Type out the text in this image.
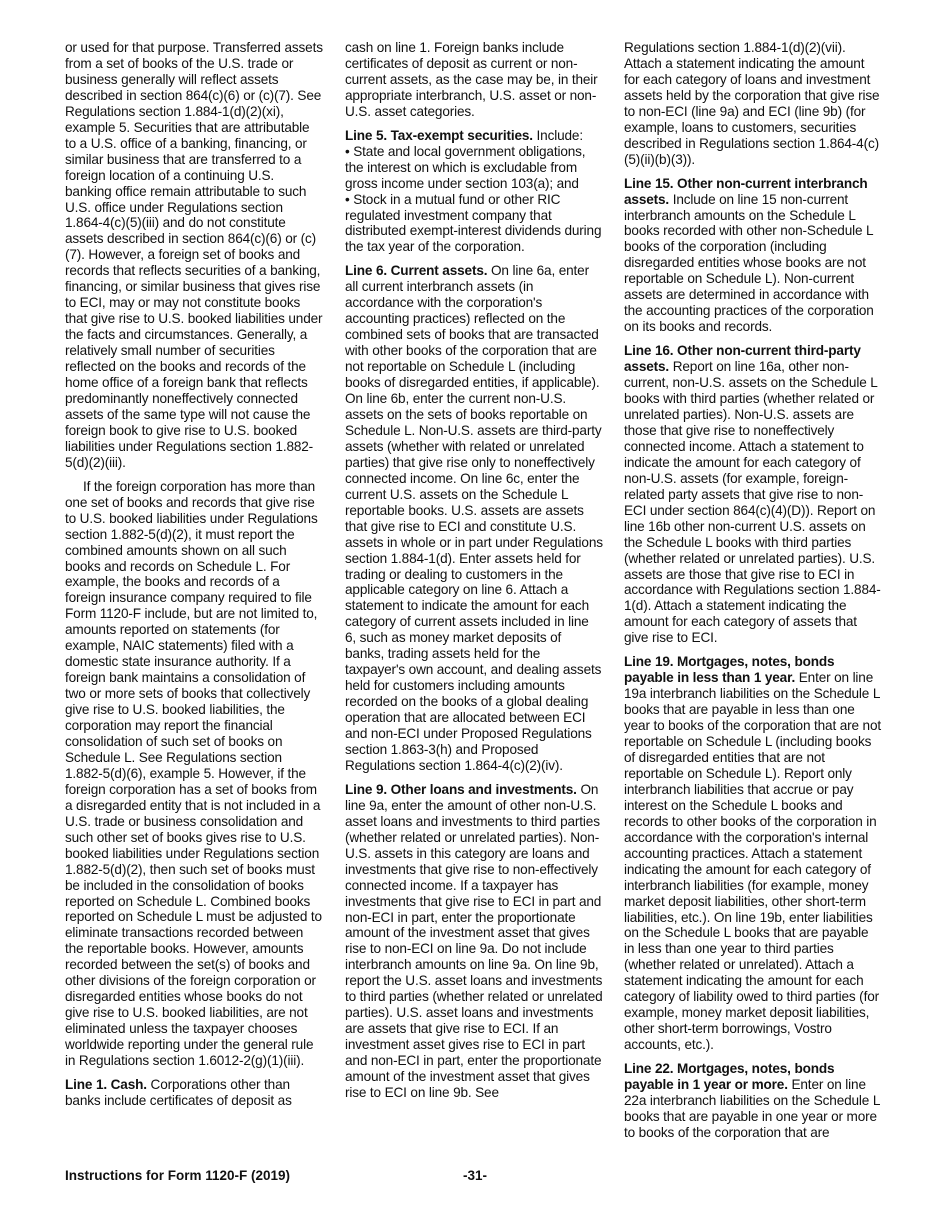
or used for that purpose. Transferred assets from a set of books of the U.S. trade or business generally will reflect assets described in section 864(c)(6) or (c)(7). See Regulations section 1.884-1(d)(2)(xi), example 5. Securities that are attributable to a U.S. office of a banking, financing, or similar business that are transferred to a foreign location of a continuing U.S. banking office remain attributable to such U.S. office under Regulations section 1.864-4(c)(5)(iii) and do not constitute assets described in section 864(c)(6) or (c)(7). However, a foreign set of books and records that reflects securities of a banking, financing, or similar business that gives rise to ECI, may or may not constitute books that give rise to U.S. booked liabilities under the facts and circumstances. Generally, a relatively small number of securities reflected on the books and records of the home office of a foreign bank that reflects predominantly noneffectively connected assets of the same type will not cause the foreign book to give rise to U.S. booked liabilities under Regulations section 1.882-5(d)(2)(iii).

If the foreign corporation has more than one set of books and records that give rise to U.S. booked liabilities under Regulations section 1.882-5(d)(2), it must report the combined amounts shown on all such books and records on Schedule L. For example, the books and records of a foreign insurance company required to file Form 1120-F include, but are not limited to, amounts reported on statements (for example, NAIC statements) filed with a domestic state insurance authority. If a foreign bank maintains a consolidation of two or more sets of books that collectively give rise to U.S. booked liabilities, the corporation may report the financial consolidation of such set of books on Schedule L. See Regulations section 1.882-5(d)(6), example 5. However, if the foreign corporation has a set of books from a disregarded entity that is not included in a U.S. trade or business consolidation and such other set of books gives rise to U.S. booked liabilities under Regulations section 1.882-5(d)(2), then such set of books must be included in the consolidation of books reported on Schedule L. Combined books reported on Schedule L must be adjusted to eliminate transactions recorded between the reportable books. However, amounts recorded between the set(s) of books and other divisions of the foreign corporation or disregarded entities whose books do not give rise to U.S. booked liabilities, are not eliminated unless the taxpayer chooses worldwide reporting under the general rule in Regulations section 1.6012-2(g)(1)(iii).

Line 1. Cash. Corporations other than banks include certificates of deposit as

cash on line 1. Foreign banks include certificates of deposit as current or non-current assets, as the case may be, in their appropriate interbranch, U.S. asset or non-U.S. asset categories.

Line 5. Tax-exempt securities. Include:

• State and local government obligations, the interest on which is excludable from gross income under section 103(a); and

• Stock in a mutual fund or other RIC regulated investment company that distributed exempt-interest dividends during the tax year of the corporation.

Line 6. Current assets. On line 6a, enter all current interbranch assets (in accordance with the corporation's accounting practices) reflected on the combined sets of books that are transacted with other books of the corporation that are not reportable on Schedule L (including books of disregarded entities, if applicable). On line 6b, enter the current non-U.S. assets on the sets of books reportable on Schedule L. Non-U.S. assets are third-party assets (whether with related or unrelated parties) that give rise only to noneffectively connected income. On line 6c, enter the current U.S. assets on the Schedule L reportable books. U.S. assets are assets that give rise to ECI and constitute U.S. assets in whole or in part under Regulations section 1.884-1(d). Enter assets held for trading or dealing to customers in the applicable category on line 6. Attach a statement to indicate the amount for each category of current assets included in line 6, such as money market deposits of banks, trading assets held for the taxpayer's own account, and dealing assets held for customers including amounts recorded on the books of a global dealing operation that are allocated between ECI and non-ECI under Proposed Regulations section 1.863-3(h) and Proposed Regulations section 1.864-4(c)(2)(iv).

Line 9. Other loans and investments. On line 9a, enter the amount of other non-U.S. asset loans and investments to third parties (whether related or unrelated parties). Non-U.S. assets in this category are loans and investments that give rise to non-effectively connected income. If a taxpayer has investments that give rise to ECI in part and non-ECI in part, enter the proportionate amount of the investment asset that gives rise to non-ECI on line 9a. Do not include interbranch amounts on line 9a. On line 9b, report the U.S. asset loans and investments to third parties (whether related or unrelated parties). U.S. asset loans and investments are assets that give rise to ECI. If an investment asset gives rise to ECI in part and non-ECI in part, enter the proportionate amount of the investment asset that gives rise to ECI on line 9b. See

Regulations section 1.884-1(d)(2)(vii). Attach a statement indicating the amount for each category of loans and investment assets held by the corporation that give rise to non-ECI (line 9a) and ECI (line 9b) (for example, loans to customers, securities described in Regulations section 1.864-4(c)(5)(ii)(b)(3)).

Line 15. Other non-current interbranch assets. Include on line 15 non-current interbranch amounts on the Schedule L books recorded with other non-Schedule L books of the corporation (including disregarded entities whose books are not reportable on Schedule L). Non-current assets are determined in accordance with the accounting practices of the corporation on its books and records.

Line 16. Other non-current third-party assets. Report on line 16a, other non-current, non-U.S. assets on the Schedule L books with third parties (whether related or unrelated parties). Non-U.S. assets are those that give rise to noneffectively connected income. Attach a statement to indicate the amount for each category of non-U.S. assets (for example, foreign-related party assets that give rise to non-ECI under section 864(c)(4)(D)). Report on line 16b other non-current U.S. assets on the Schedule L books with third parties (whether related or unrelated parties). U.S. assets are those that give rise to ECI in accordance with Regulations section 1.884-1(d). Attach a statement indicating the amount for each category of assets that give rise to ECI.

Line 19. Mortgages, notes, bonds payable in less than 1 year. Enter on line 19a interbranch liabilities on the Schedule L books that are payable in less than one year to books of the corporation that are not reportable on Schedule L (including books of disregarded entities that are not reportable on Schedule L). Report only interbranch liabilities that accrue or pay interest on the Schedule L books and records to other books of the corporation in accordance with the corporation's internal accounting practices. Attach a statement indicating the amount for each category of interbranch liabilities (for example, money market deposit liabilities, other short-term liabilities, etc.). On line 19b, enter liabilities on the Schedule L books that are payable in less than one year to third parties (whether related or unrelated). Attach a statement indicating the amount for each category of liability owed to third parties (for example, money market deposit liabilities, other short-term borrowings, Vostro accounts, etc.).

Line 22. Mortgages, notes, bonds payable in 1 year or more. Enter on line 22a interbranch liabilities on the Schedule L books that are payable in one year or more to books of the corporation that are

Instructions for Form 1120-F (2019)	-31-
